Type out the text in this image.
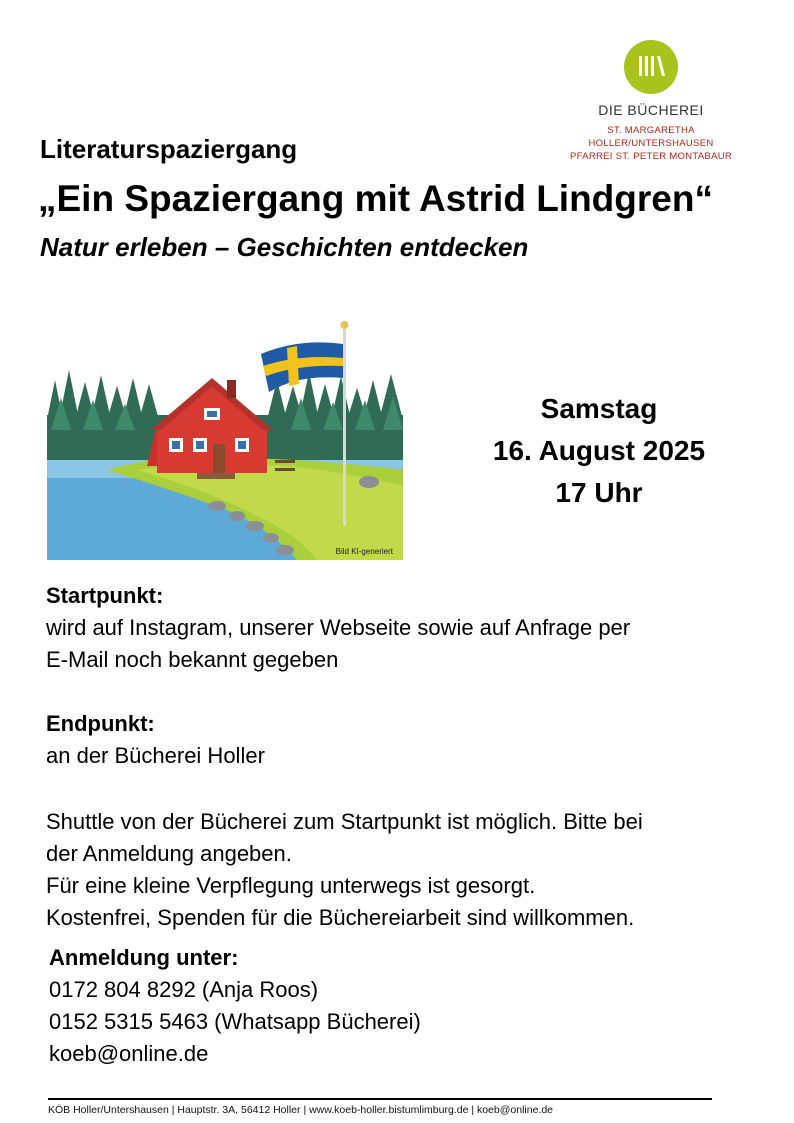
DIE BÜCHEREI
ST. MARGARETHA HOLLER/UNTERSHAUSEN
PFARREI ST. PETER MONTABAUR
Literaturspaziergang
„Ein Spaziergang mit Astrid Lindgren“
Natur erleben – Geschichten entdecken
Bild KI-generiert
Samstag
16. August 2025
17 Uhr
Startpunkt:
wird auf Instagram, unserer Webseite sowie auf Anfrage per
E-Mail noch bekannt gegeben
Endpunkt:
an der Bücherei Holler
Shuttle von der Bücherei zum Startpunkt ist möglich. Bitte bei
der Anmeldung angeben.
Für eine kleine Verpflegung unterwegs ist gesorgt.
Kostenfrei, Spenden für die Büchereiarbeit sind willkommen.
Anmeldung unter:
0172 804 8292 (Anja Roos)
0152 5315 5463 (Whatsapp Bücherei)
koeb@online.de
KÖB Holler/Untershausen | Hauptstr. 3A, 56412 Holler | www.koeb-holler.bistumlimburg.de | koeb@online.de
